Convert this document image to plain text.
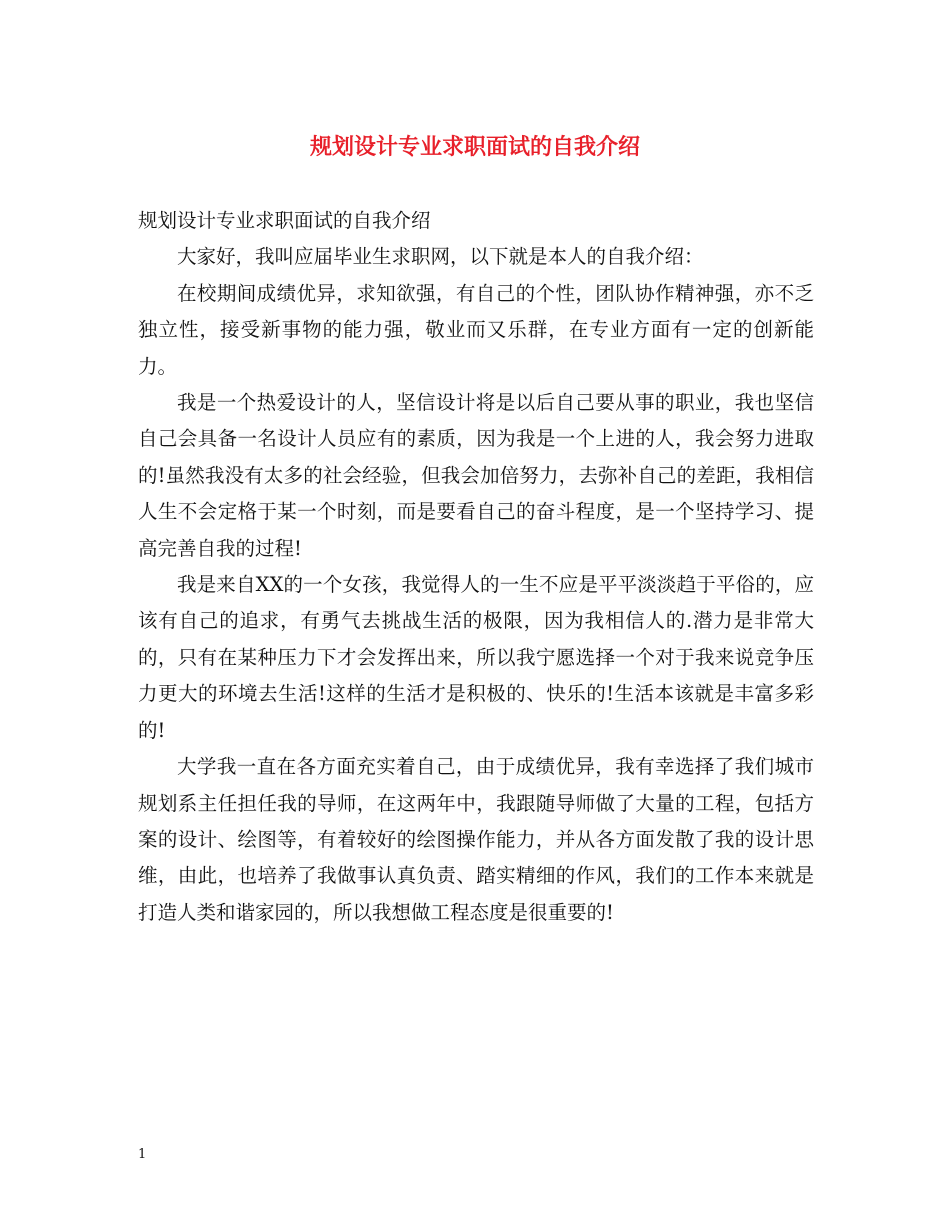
规划设计专业求职面试的自我介绍

规划设计专业求职面试的自我介绍

大家好，我叫应届毕业生求职网，以下就是本人的自我介绍：

在校期间成绩优异，求知欲强，有自己的个性，团队协作精神强，亦不乏独立性，接受新事物的能力强，敬业而又乐群，在专业方面有一定的创新能力。

我是一个热爱设计的人，坚信设计将是以后自己要从事的职业，我也坚信自己会具备一名设计人员应有的素质，因为我是一个上进的人，我会努力进取的!虽然我没有太多的社会经验，但我会加倍努力，去弥补自己的差距，我相信人生不会定格于某一个时刻，而是要看自己的奋斗程度，是一个坚持学习、提高完善自我的过程!

我是来自XX的一个女孩，我觉得人的一生不应是平平淡淡趋于平俗的，应该有自己的追求，有勇气去挑战生活的极限，因为我相信人的.潜力是非常大的，只有在某种压力下才会发挥出来，所以我宁愿选择一个对于我来说竞争压力更大的环境去生活!这样的生活才是积极的、快乐的!生活本该就是丰富多彩的!

大学我一直在各方面充实着自己，由于成绩优异，我有幸选择了我们城市规划系主任担任我的导师，在这两年中，我跟随导师做了大量的工程，包括方案的设计、绘图等，有着较好的绘图操作能力，并从各方面发散了我的设计思维，由此，也培养了我做事认真负责、踏实精细的作风，我们的工作本来就是打造人类和谐家园的，所以我想做工程态度是很重要的!

1
